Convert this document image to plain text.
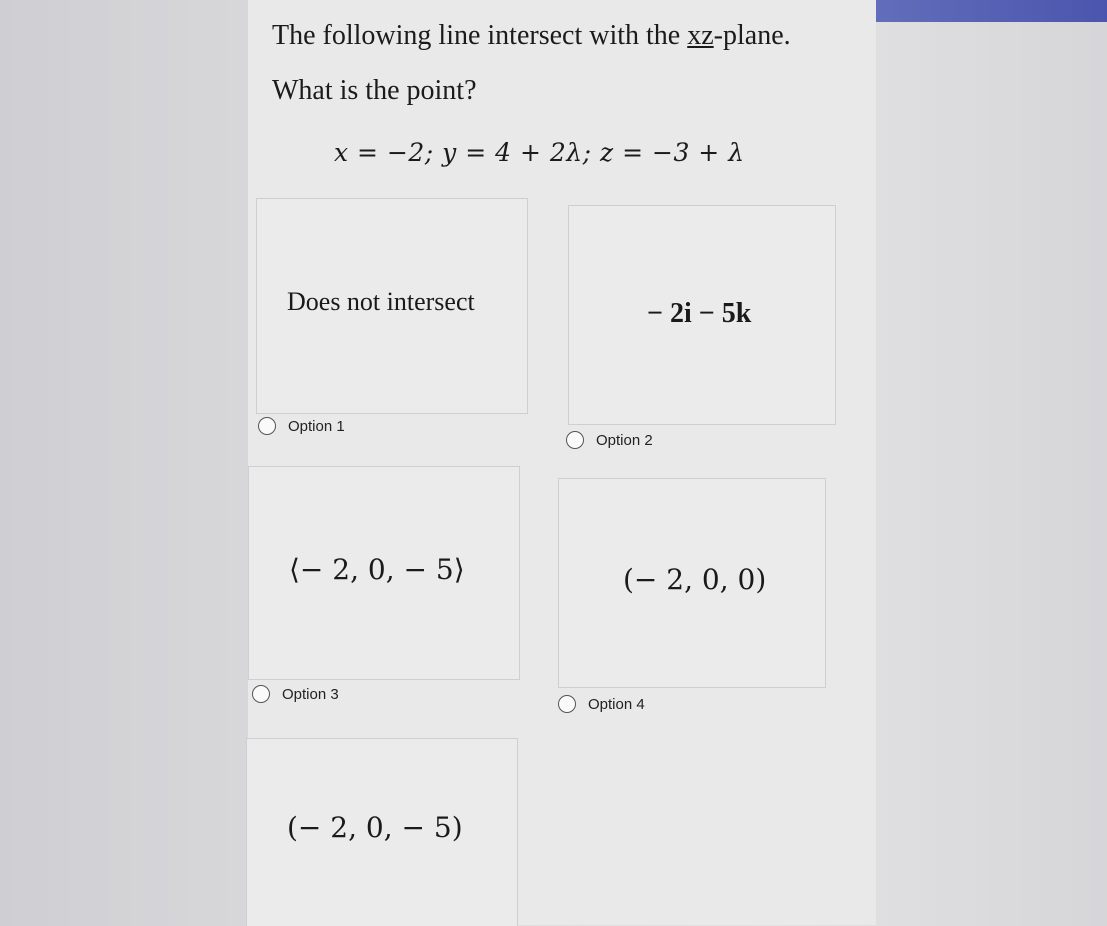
The following line intersect with the xz-plane.
What is the point?
x = −2; y = 4 + 2λ; z = −3 + λ
Does not intersect
Option 1
− 2i − 5k
Option 2
⟨− 2, 0, − 5⟩
Option 3
(− 2, 0, 0)
Option 4
(− 2, 0, − 5)
